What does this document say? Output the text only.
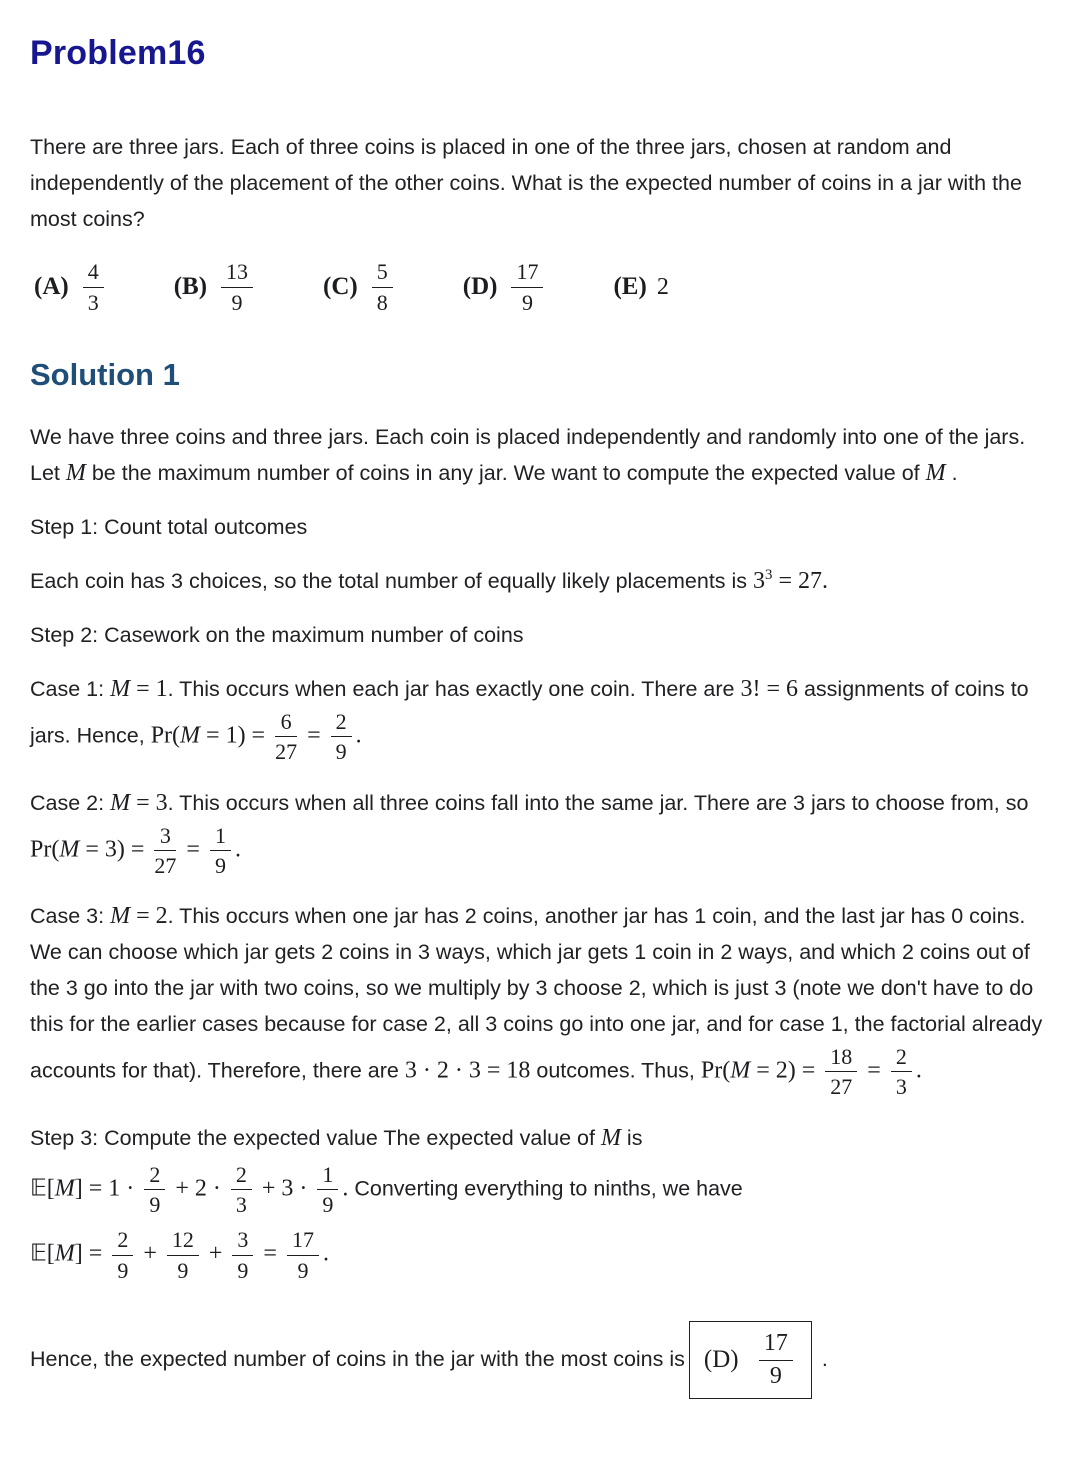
Problem16

There are three jars. Each of three coins is placed in one of the three jars, chosen at random and independently of the placement of the other coins. What is the expected number of coins in a jar with the most coins?

$(A) \frac{4}{3}$	$(B) \frac{13}{9}$	$(C) \frac{5}{8}$	$(D) \frac{17}{9}$	(E) 2
Solution 1

We have three coins and three jars. Each coin is placed independently and randomly into one of the jars. Let M be the maximum number of coins in any jar. We want to compute the expected value of M .

Step 1: Count total outcomes

Each coin has 3 choices, so the total number of equally likely placements is $3^3 = 27$.

Step 2: Casework on the maximum number of coins

Case 1: M = 1. This occurs when each jar has exactly one coin. There are 3! = 6 assignments of coins to jars. Hence, $Pr(M = 1) = \frac{6}{27} = \frac{2}{9}$ .

Case 2: M = 3. This occurs when all three coins fall into the same jar. There are 3 jars to choose from, so $Pr(M = 3) = \frac{3}{27} = \frac{1}{9}$ .

Case 3: M = 2. This occurs when one jar has 2 coins, another jar has 1 coin, and the last jar has 0 coins. We can choose which jar gets 2 coins in 3 ways, which jar gets 1 coin in 2 ways, and which 2 coins out of the 3 go into the jar with two coins, so we multiply by 3 choose 2, which is just 3 (note we don't have to do this for the earlier cases because for case 2, all 3 coins go into one jar, and for case 1, the factorial already accounts for that). Therefore, there are 3 · 2 · 3 = 18 outcomes. Thus, $Pr(M = 2) = \frac{18}{27} = \frac{2}{3}$ .

Step 3: Compute the expected value The expected value of M is

𝔼[M] = $1 \cdot \frac{2}{9} + 2 \cdot \frac{2}{3} + 3 \cdot \frac{1}{9}$ . Converting everything to ninths, we have

𝔼[M] = $\frac{2}{9} + \frac{12}{9} + \frac{3}{9} = \frac{17}{9}$ .

Hence, the expected number of coins in the jar with the most coins is $(D) \frac{17}{9}$ .
